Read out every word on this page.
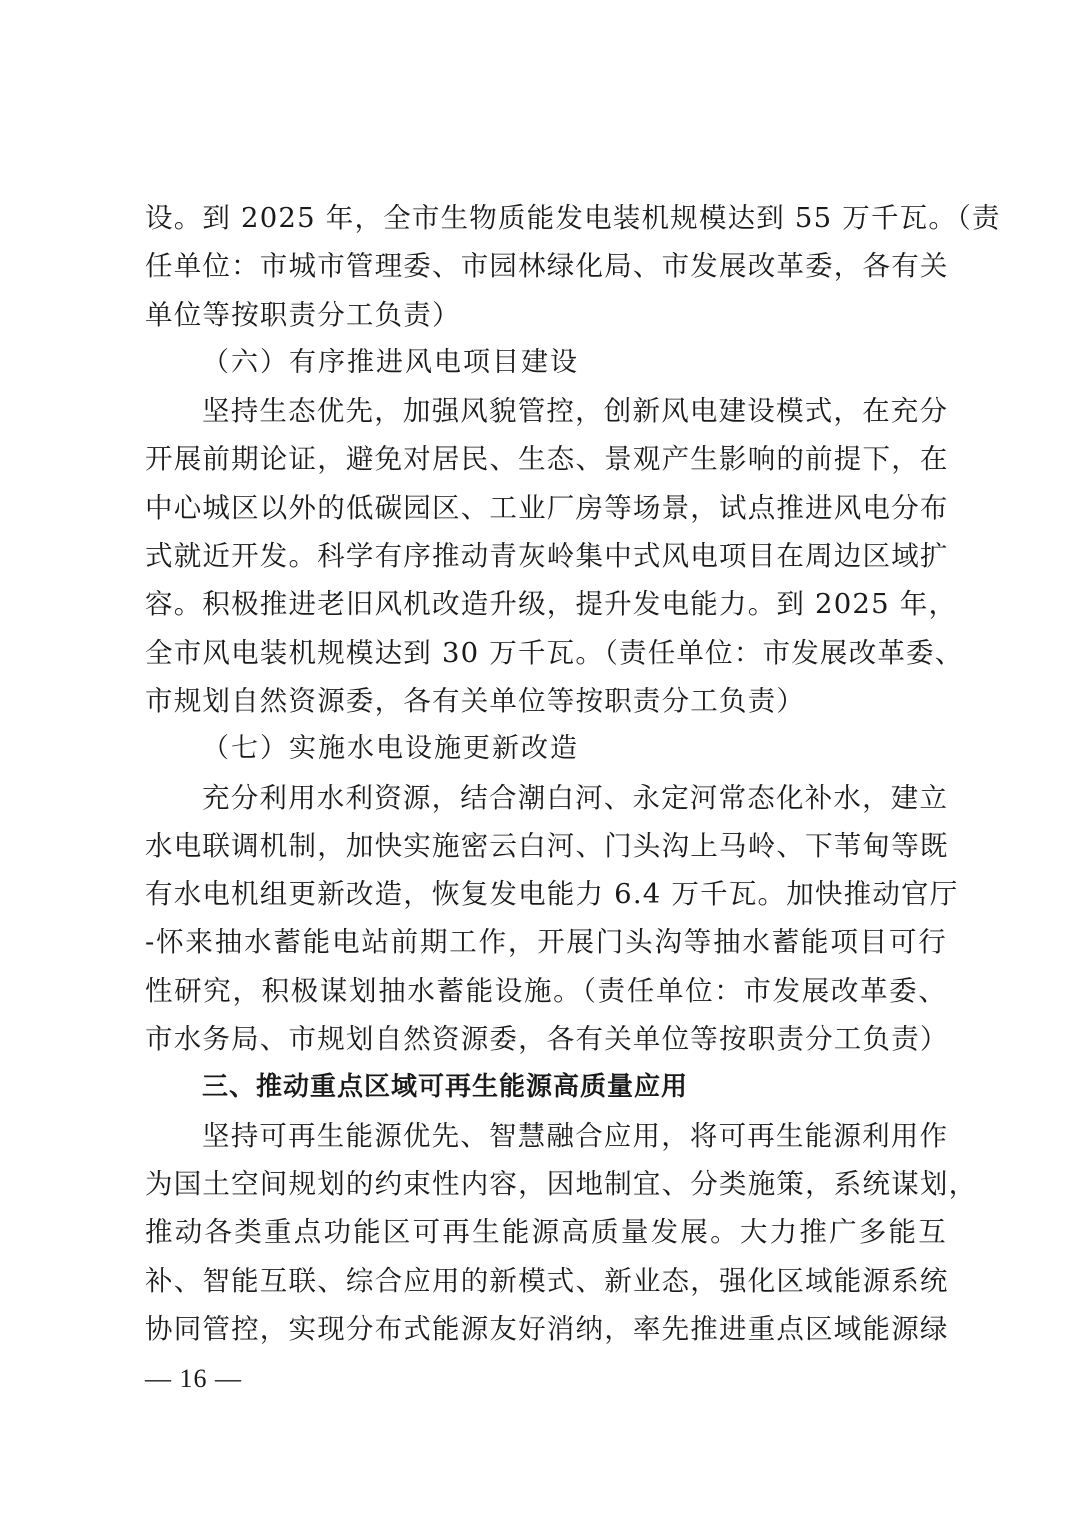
设。到 2025 年，全市生物质能发电装机规模达到 55 万千瓦。（责
任单位：市城市管理委、市园林绿化局、市发展改革委，各有关
单位等按职责分工负责）
（六）有序推进风电项目建设
坚持生态优先，加强风貌管控，创新风电建设模式，在充分
开展前期论证，避免对居民、生态、景观产生影响的前提下，在
中心城区以外的低碳园区、工业厂房等场景，试点推进风电分布
式就近开发。科学有序推动青灰岭集中式风电项目在周边区域扩
容。积极推进老旧风机改造升级，提升发电能力。到 2025 年，
全市风电装机规模达到 30 万千瓦。（责任单位：市发展改革委、
市规划自然资源委，各有关单位等按职责分工负责）
（七）实施水电设施更新改造
充分利用水利资源，结合潮白河、永定河常态化补水，建立
水电联调机制，加快实施密云白河、门头沟上马岭、下苇甸等既
有水电机组更新改造，恢复发电能力 6.4 万千瓦。加快推动官厅
-怀来抽水蓄能电站前期工作，开展门头沟等抽水蓄能项目可行
性研究，积极谋划抽水蓄能设施。（责任单位：市发展改革委、
市水务局、市规划自然资源委，各有关单位等按职责分工负责）
三、推动重点区域可再生能源高质量应用
坚持可再生能源优先、智慧融合应用，将可再生能源利用作
为国土空间规划的约束性内容，因地制宜、分类施策，系统谋划，
推动各类重点功能区可再生能源高质量发展。大力推广多能互
补、智能互联、综合应用的新模式、新业态，强化区域能源系统
协同管控，实现分布式能源友好消纳，率先推进重点区域能源绿
— 16 —
